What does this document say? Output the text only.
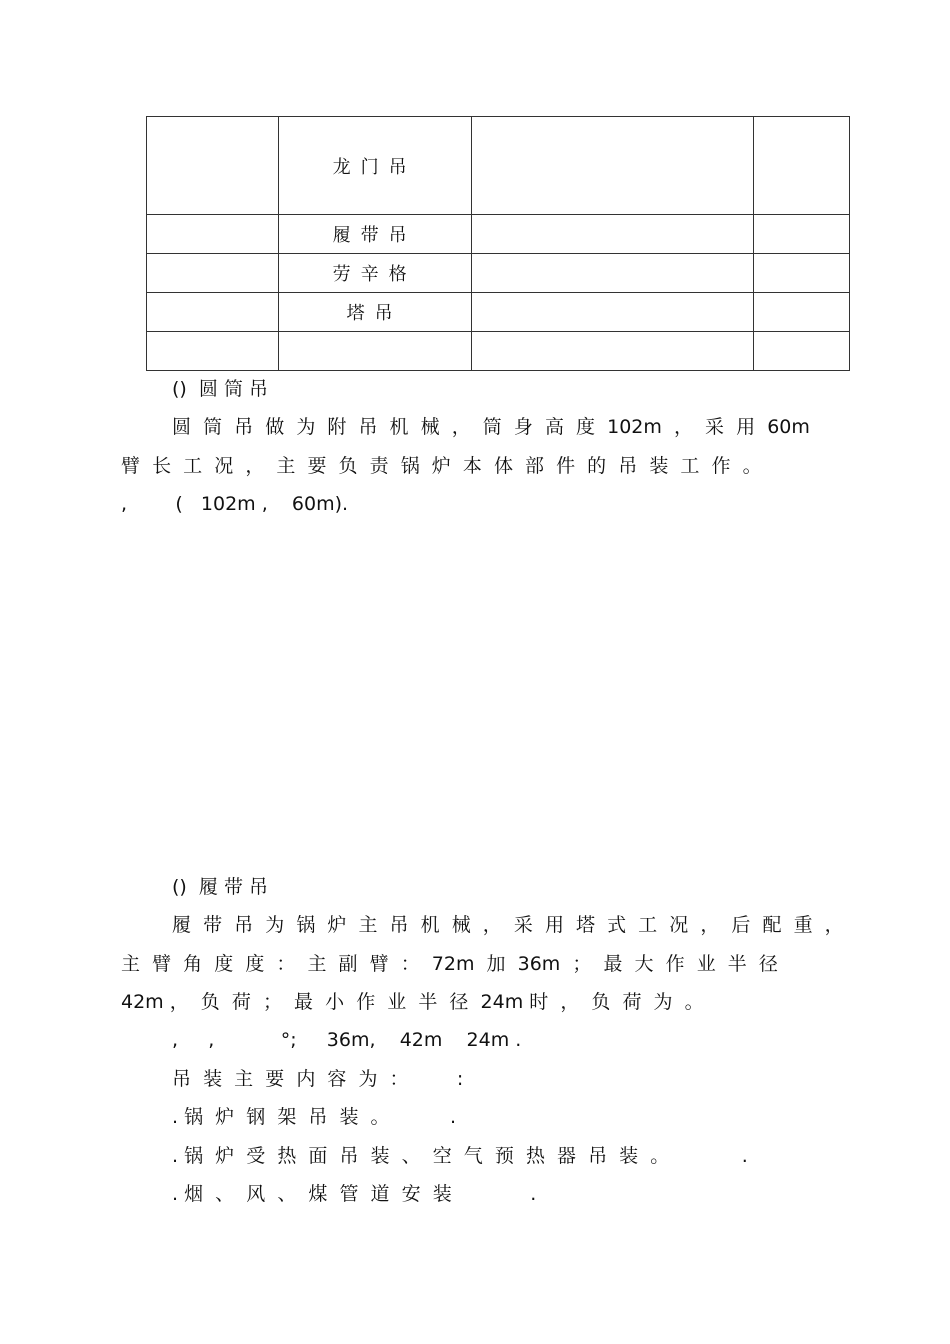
	龙门吊		
	履带吊		
	劳辛格		
	塔吊		

()  圆 筒 吊
圆  筒  吊  做  为  附  吊  机  械  ，  筒  身  高  度  102m  ，  采  用  60m
臂  长  工  况  ，  主  要  负  责  锅  炉  本  体  部  件  的  吊  装  工  作  。
,        (   102m ,    60m).
()  履 带 吊
履  带  吊  为  锅  炉  主  吊  机  械  ，  采  用  塔  式  工  况  ，  后  配  重  ，
主  臂  角  度  度  ：  主  副  臂  ：  72m  加  36m  ；  最  大  作  业  半  径
42m ，  负  荷  ；  最  小  作  业  半  径  24m 时  ，  负  荷  为  。
,     ,           °;     36m,    42m    24m .
吊  装  主  要  内  容  为  ：        :
. 锅  炉  钢  架  吊  装  。          .
. 锅  炉  受  热  面  吊  装  、  空  气  预  热  器  吊  装  。            .
. 烟  、  风  、  煤  管  道  安  装             .
